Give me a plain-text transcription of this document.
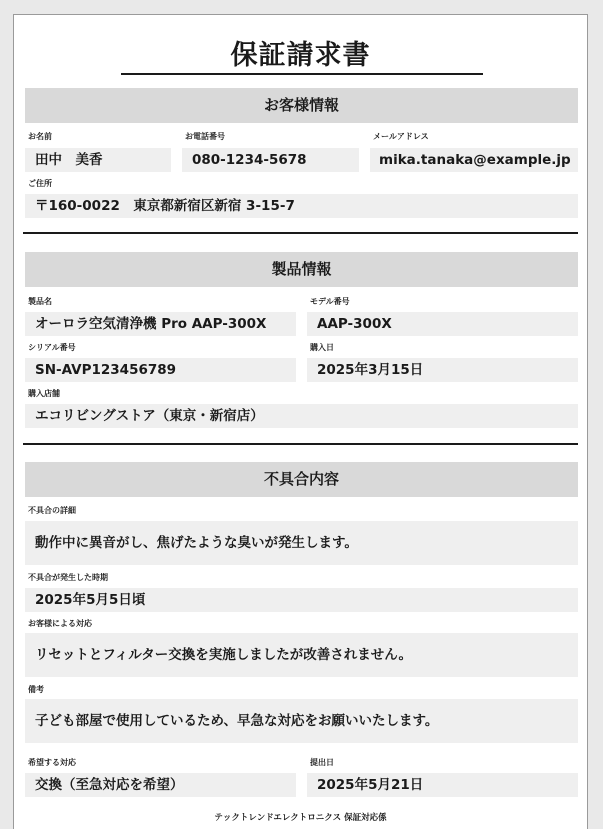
保証請求書
お客様情報
お名前
田中　美香
お電話番号
080-1234-5678
メールアドレス
mika.tanaka@example.jp
ご住所
〒160-0022　東京都新宿区新宿 3-15-7
製品情報
製品名
オーロラ空気清浄機 Pro AAP-300X
モデル番号
AAP-300X
シリアル番号
SN-AVP123456789
購入日
2025年3月15日
購入店舗
エコリビングストア（東京・新宿店）
不具合内容
不具合の詳細
動作中に異音がし、焦げたような臭いが発生します。
不具合が発生した時期
2025年5月5日頃
お客様による対応
リセットとフィルター交換を実施しましたが改善されません。
備考
子ども部屋で使用しているため、早急な対応をお願いいたします。
希望する対応
交換（至急対応を希望）
提出日
2025年5月21日
テックトレンドエレクトロニクス 保証対応係
